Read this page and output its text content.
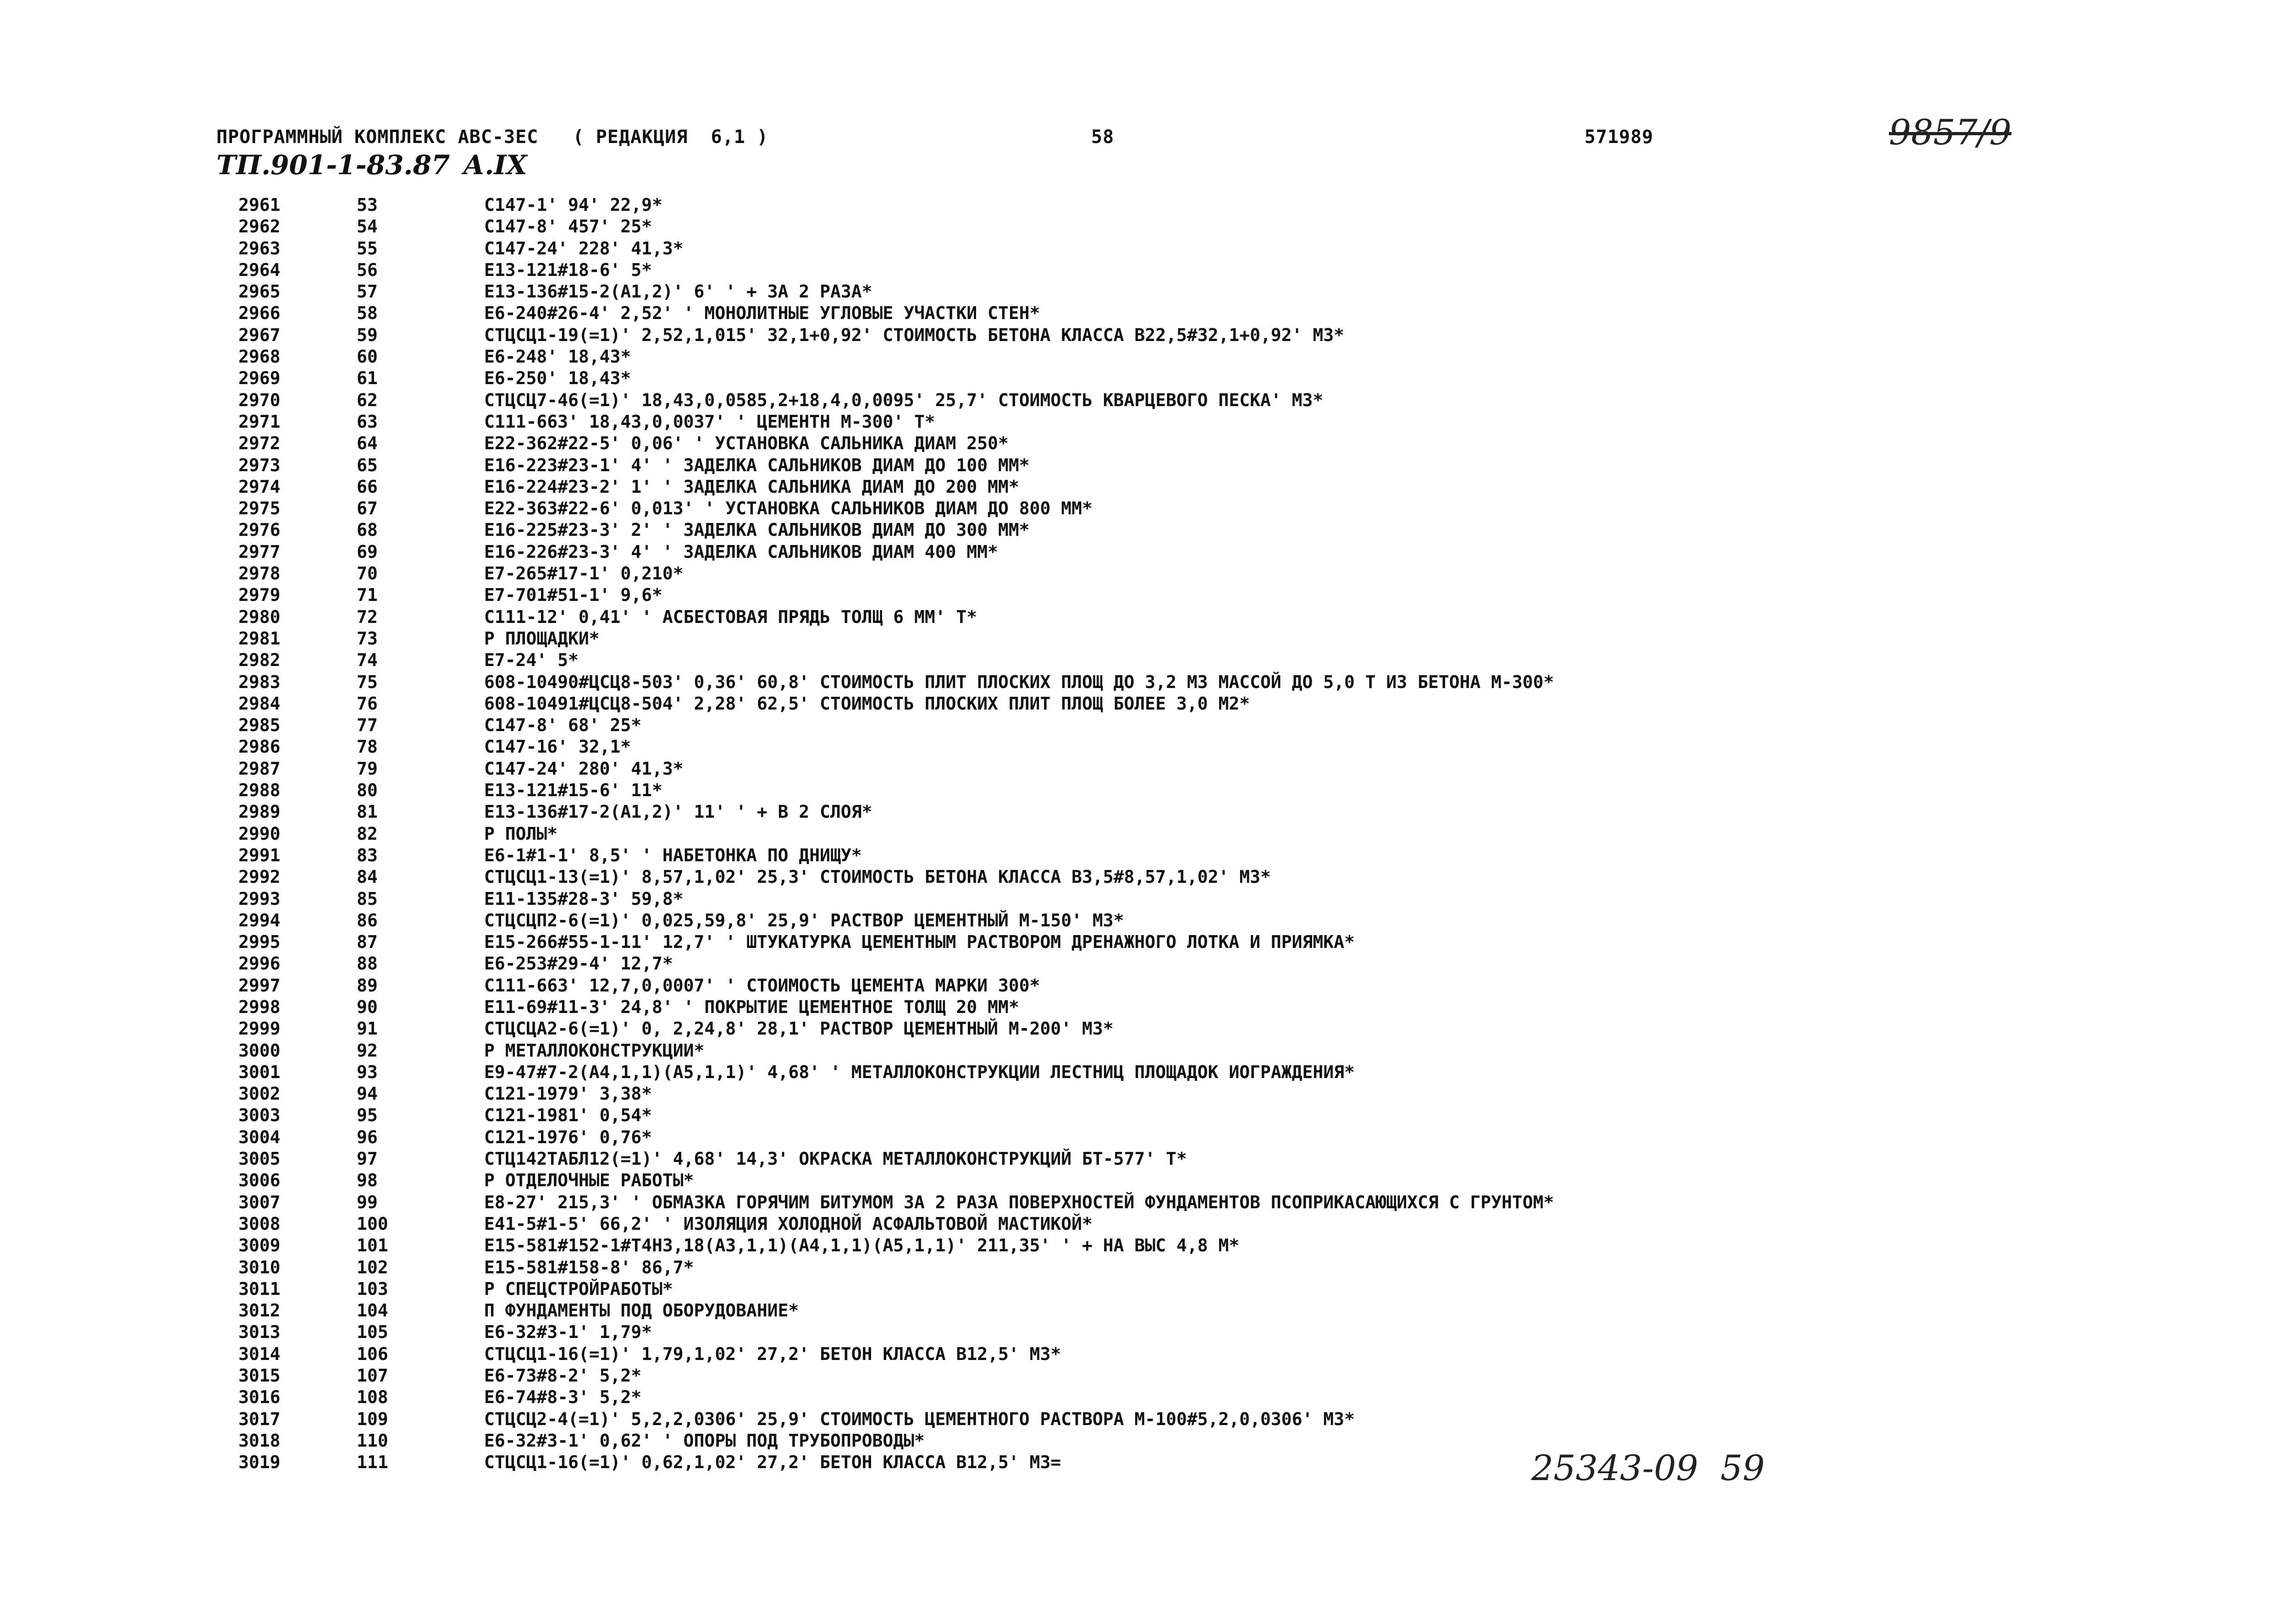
ПРОГРАММНЫЙ КОМПЛЕКС АВС-3ЕС   ( РЕДАКЦИЯ  6,1 )	58	571989
ТП.901-1-83.87 А.IX
9857/9
2961	53	С147-1' 94' 22,9*
2962	54	С147-8' 457' 25*
2963	55	С147-24' 228' 41,3*
2964	56	Е13-121#18-6' 5*
2965	57	Е13-136#15-2(А1,2)' 6' ' + ЗА 2 РАЗА*
2966	58	Е6-240#26-4' 2,52' ' МОНОЛИТНЫЕ УГЛОВЫЕ УЧАСТКИ СТЕН*
2967	59	СТЦСЦ1-19(=1)' 2,52,1,015' 32,1+0,92' СТОИМОСТЬ БЕТОНА КЛАССА В22,5#32,1+0,92' М3*
2968	60	Е6-248' 18,43*
2969	61	Е6-250' 18,43*
2970	62	СТЦСЦ7-46(=1)' 18,43,0,0585,2+18,4,0,0095' 25,7' СТОИМОСТЬ КВАРЦЕВОГО ПЕСКА' М3*
2971	63	С111-663' 18,43,0,0037' ' ЦЕМЕНТН М-300' Т*
2972	64	Е22-362#22-5' 0,06' ' УСТАНОВКА САЛЬНИКА ДИАМ 250*
2973	65	Е16-223#23-1' 4' ' ЗАДЕЛКА САЛЬНИКОВ ДИАМ ДО 100 ММ*
2974	66	Е16-224#23-2' 1' ' ЗАДЕЛКА САЛЬНИКА ДИАМ ДО 200 ММ*
2975	67	Е22-363#22-6' 0,013' ' УСТАНОВКА САЛЬНИКОВ ДИАМ ДО 800 ММ*
2976	68	Е16-225#23-3' 2' ' ЗАДЕЛКА САЛЬНИКОВ ДИАМ ДО 300 ММ*
2977	69	Е16-226#23-3' 4' ' ЗАДЕЛКА САЛЬНИКОВ ДИАМ 400 ММ*
2978	70	Е7-265#17-1' 0,210*
2979	71	Е7-701#51-1' 9,6*
2980	72	С111-12' 0,41' ' АСБЕСТОВАЯ ПРЯДЬ ТОЛЩ 6 ММ' Т*
2981	73	Р ПЛОЩАДКИ*
2982	74	Е7-24' 5*
2983	75	608-10490#ЦСЦ8-503' 0,36' 60,8' СТОИМОСТЬ ПЛИТ ПЛОСКИХ ПЛОЩ ДО 3,2 М3 МАССОЙ ДО 5,0 Т ИЗ БЕТОНА М-300*
2984	76	608-10491#ЦСЦ8-504' 2,28' 62,5' СТОИМОСТЬ ПЛОСКИХ ПЛИТ ПЛОЩ БОЛЕЕ 3,0 М2*
2985	77	С147-8' 68' 25*
2986	78	С147-16' 32,1*
2987	79	С147-24' 280' 41,3*
2988	80	Е13-121#15-6' 11*
2989	81	Е13-136#17-2(А1,2)' 11' ' + В 2 СЛОЯ*
2990	82	Р ПОЛЫ*
2991	83	Е6-1#1-1' 8,5' ' НАБЕТОНКА ПО ДНИЩУ*
2992	84	СТЦСЦ1-13(=1)' 8,57,1,02' 25,3' СТОИМОСТЬ БЕТОНА КЛАССА В3,5#8,57,1,02' М3*
2993	85	Е11-135#28-3' 59,8*
2994	86	СТЦСЦП2-6(=1)' 0,025,59,8' 25,9' РАСТВОР ЦЕМЕНТНЫЙ М-150' М3*
2995	87	Е15-266#55-1-11' 12,7' ' ШТУКАТУРКА ЦЕМЕНТНЫМ РАСТВОРОМ ДРЕНАЖНОГО ЛОТКА И ПРИЯМКА*
2996	88	Е6-253#29-4' 12,7*
2997	89	С111-663' 12,7,0,0007' ' СТОИМОСТЬ ЦЕМЕНТА МАРКИ 300*
2998	90	Е11-69#11-3' 24,8' ' ПОКРЫТИЕ ЦЕМЕНТНОЕ ТОЛЩ 20 ММ*
2999	91	СТЦСЦА2-6(=1)' 0, 2,24,8' 28,1' РАСТВОР ЦЕМЕНТНЫЙ М-200' М3*
3000	92	Р МЕТАЛЛОКОНСТРУКЦИИ*
3001	93	Е9-47#7-2(А4,1,1)(А5,1,1)' 4,68' ' МЕТАЛЛОКОНСТРУКЦИИ ЛЕСТНИЦ ПЛОЩАДОК ИОГРАЖДЕНИЯ*
3002	94	С121-1979' 3,38*
3003	95	С121-1981' 0,54*
3004	96	С121-1976' 0,76*
3005	97	СТЦ142ТАБЛ12(=1)' 4,68' 14,3' ОКРАСКА МЕТАЛЛОКОНСТРУКЦИЙ БТ-577' Т*
3006	98	Р ОТДЕЛОЧНЫЕ РАБОТЫ*
3007	99	Е8-27' 215,3' ' ОБМАЗКА ГОРЯЧИМ БИТУМОМ ЗА 2 РАЗА ПОВЕРХНОСТЕЙ ФУНДАМЕНТОВ ПСОПРИКАСАЮЩИХСЯ С ГРУНТОМ*
3008	100	Е41-5#1-5' 66,2' ' ИЗОЛЯЦИЯ ХОЛОДНОЙ АСФАЛЬТОВОЙ МАСТИКОЙ*
3009	101	Е15-581#152-1#Т4Н3,18(А3,1,1)(А4,1,1)(А5,1,1)' 211,35' ' + НА ВЫС 4,8 М*
3010	102	Е15-581#158-8' 86,7*
3011	103	Р СПЕЦСТРОЙРАБОТЫ*
3012	104	П ФУНДАМЕНТЫ ПОД ОБОРУДОВАНИЕ*
3013	105	Е6-32#3-1' 1,79*
3014	106	СТЦСЦ1-16(=1)' 1,79,1,02' 27,2' БЕТОН КЛАССА В12,5' М3*
3015	107	Е6-73#8-2' 5,2*
3016	108	Е6-74#8-3' 5,2*
3017	109	СТЦСЦ2-4(=1)' 5,2,2,0306' 25,9' СТОИМОСТЬ ЦЕМЕНТНОГО РАСТВОРА М-100#5,2,0,0306' М3*
3018	110	Е6-32#3-1' 0,62' ' ОПОРЫ ПОД ТРУБОПРОВОДЫ*
3019	111	СТЦСЦ1-16(=1)' 0,62,1,02' 27,2' БЕТОН КЛАССА В12,5' М3=	25343-09  59
